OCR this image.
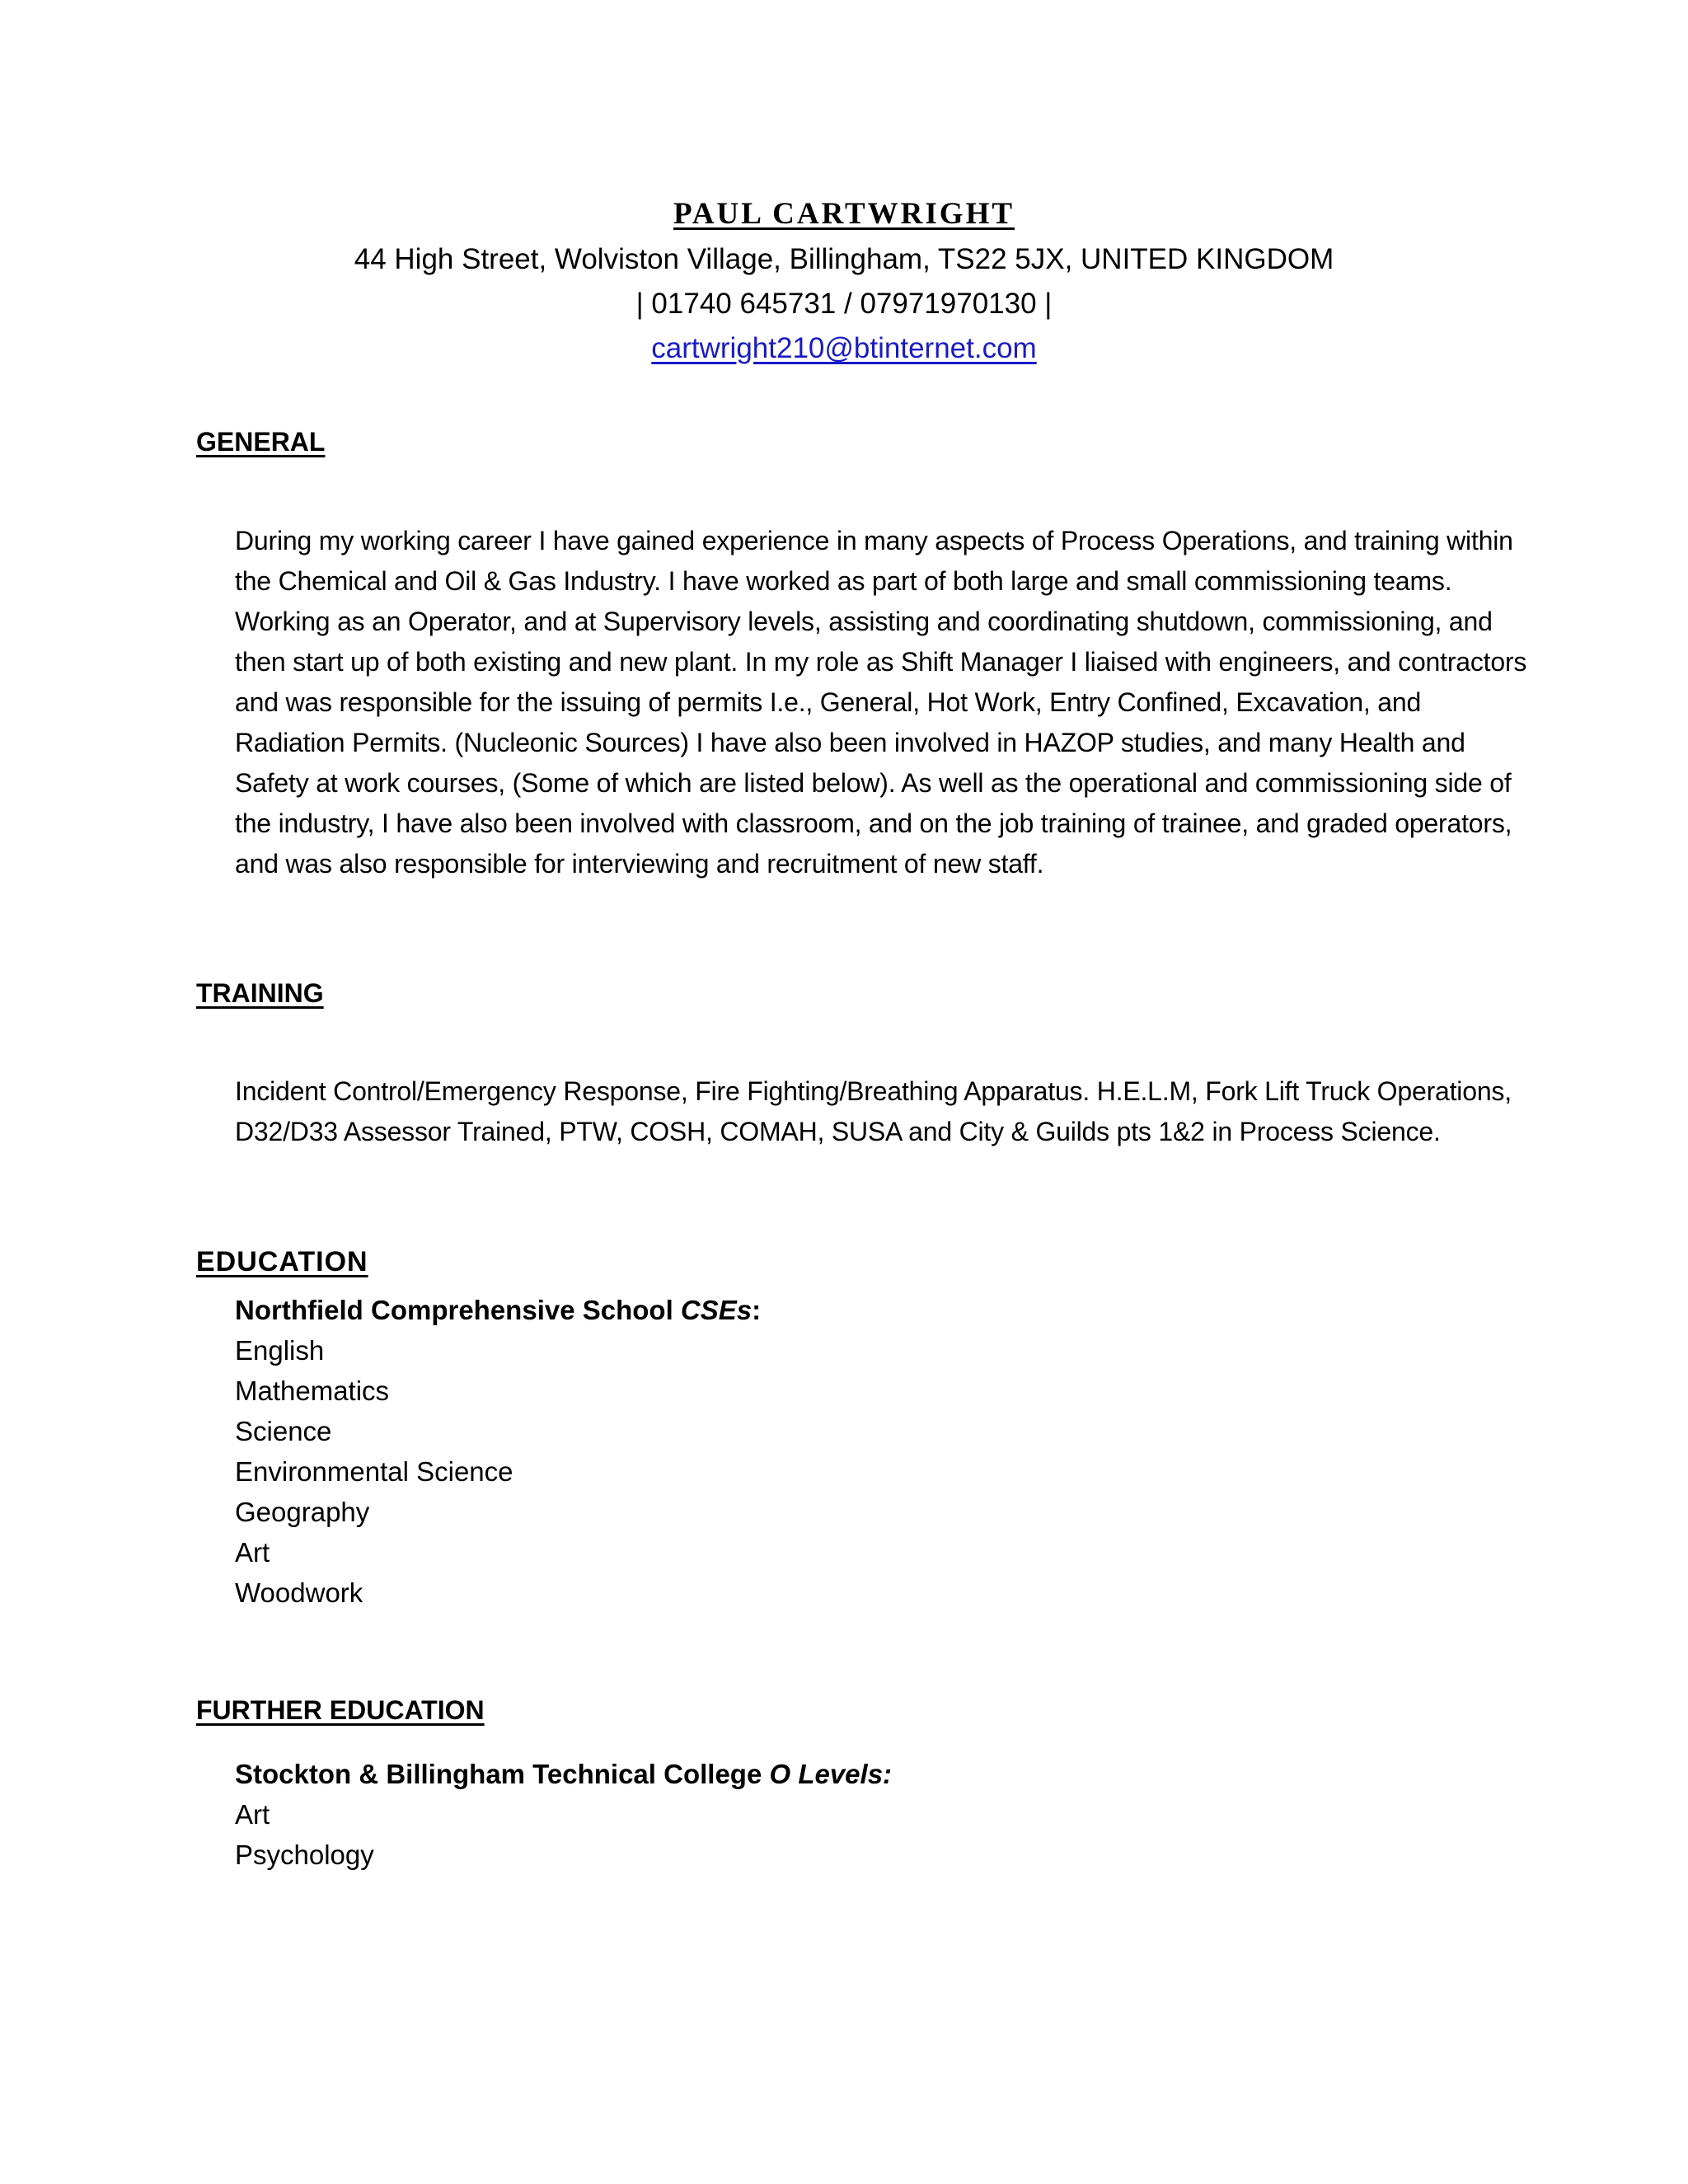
PAUL CARTWRIGHT

44 High Street, Wolviston Village, Billingham, TS22 5JX, UNITED KINGDOM

| 01740 645731 / 07971970130 |

cartwright210@btinternet.com

GENERAL

During my working career I have gained experience in many aspects of Process Operations, and training within the Chemical and Oil & Gas Industry. I have worked as part of both large and small commissioning teams. Working as an Operator, and at Supervisory levels, assisting and coordinating shutdown, commissioning, and then start up of both existing and new plant. In my role as Shift Manager I liaised with engineers, and contractors and was responsible for the issuing of permits I.e., General, Hot Work, Entry Confined, Excavation, and Radiation Permits. (Nucleonic Sources) I have also been involved in HAZOP studies, and many Health and Safety at work courses, (Some of which are listed below). As well as the operational and commissioning side of the industry, I have also been involved with classroom, and on the job training of trainee, and graded operators, and was also responsible for interviewing and recruitment of new staff.

TRAINING

Incident Control/Emergency Response, Fire Fighting/Breathing Apparatus. H.E.L.M, Fork Lift Truck Operations, D32/D33 Assessor Trained, PTW, COSH, COMAH, SUSA and City & Guilds pts 1&2 in Process Science.

EDUCATION
Northfield Comprehensive School CSEs:
English
Mathematics
Science
Environmental Science
Geography
Art
Woodwork
FURTHER EDUCATION
Stockton & Billingham Technical College O Levels:
Art
Psychology
